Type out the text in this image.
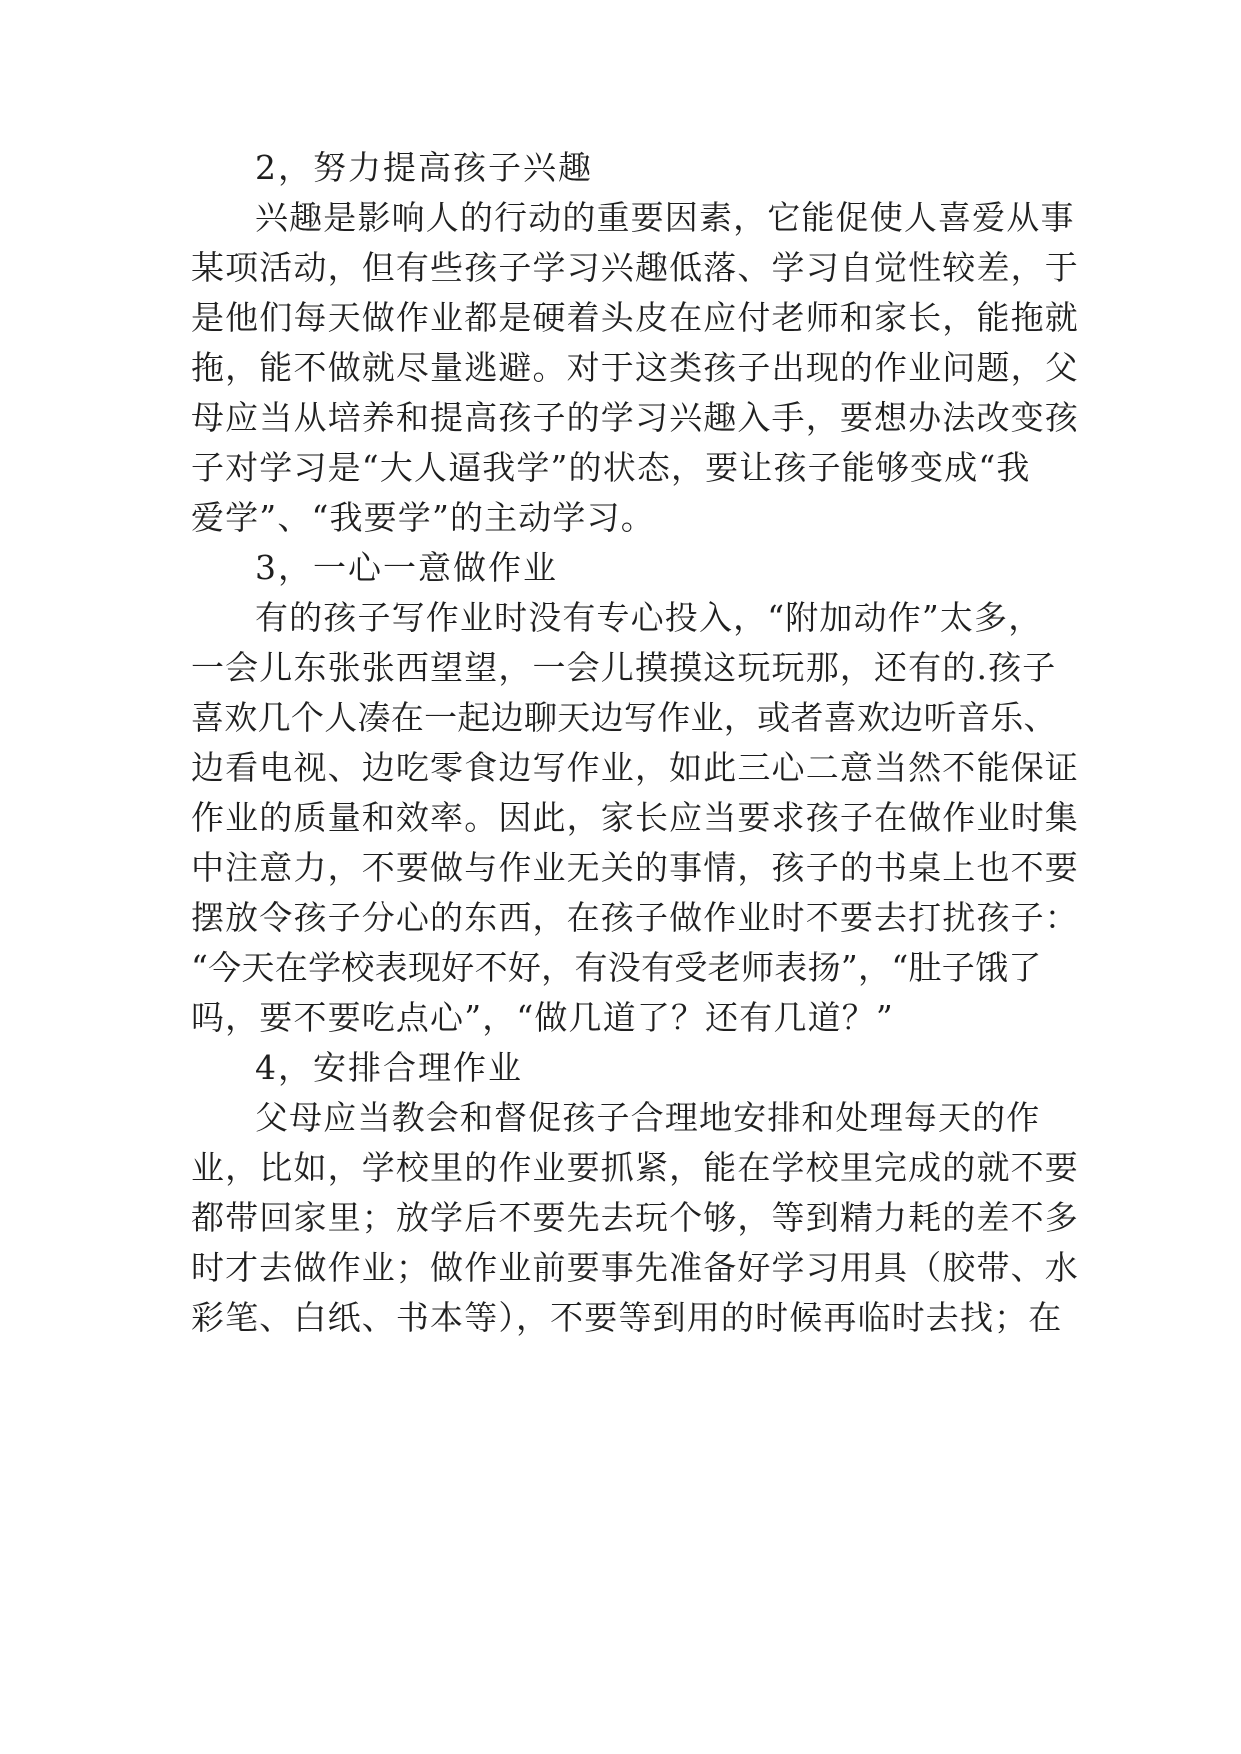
2，努力提高孩子兴趣
兴趣是影响人的行动的重要因素，它能促使人喜爱从事
某项活动，但有些孩子学习兴趣低落、学习自觉性较差，于
是他们每天做作业都是硬着头皮在应付老师和家长，能拖就
拖，能不做就尽量逃避。对于这类孩子出现的作业问题，父
母应当从培养和提高孩子的学习兴趣入手，要想办法改变孩
子对学习是“大人逼我学”的状态，要让孩子能够变成“我
爱学”、“我要学”的主动学习。
3，一心一意做作业
有的孩子写作业时没有专心投入，“附加动作”太多，
一会儿东张张西望望，一会儿摸摸这玩玩那，还有的.孩子
喜欢几个人凑在一起边聊天边写作业，或者喜欢边听音乐、
边看电视、边吃零食边写作业，如此三心二意当然不能保证
作业的质量和效率。因此，家长应当要求孩子在做作业时集
中注意力，不要做与作业无关的事情，孩子的书桌上也不要
摆放令孩子分心的东西，在孩子做作业时不要去打扰孩子：
“今天在学校表现好不好，有没有受老师表扬”，“肚子饿了
吗，要不要吃点心”，“做几道了？还有几道？”
4，安排合理作业
父母应当教会和督促孩子合理地安排和处理每天的作
业，比如，学校里的作业要抓紧，能在学校里完成的就不要
都带回家里；放学后不要先去玩个够，等到精力耗的差不多
时才去做作业；做作业前要事先准备好学习用具（胶带、水
彩笔、白纸、书本等），不要等到用的时候再临时去找；在
